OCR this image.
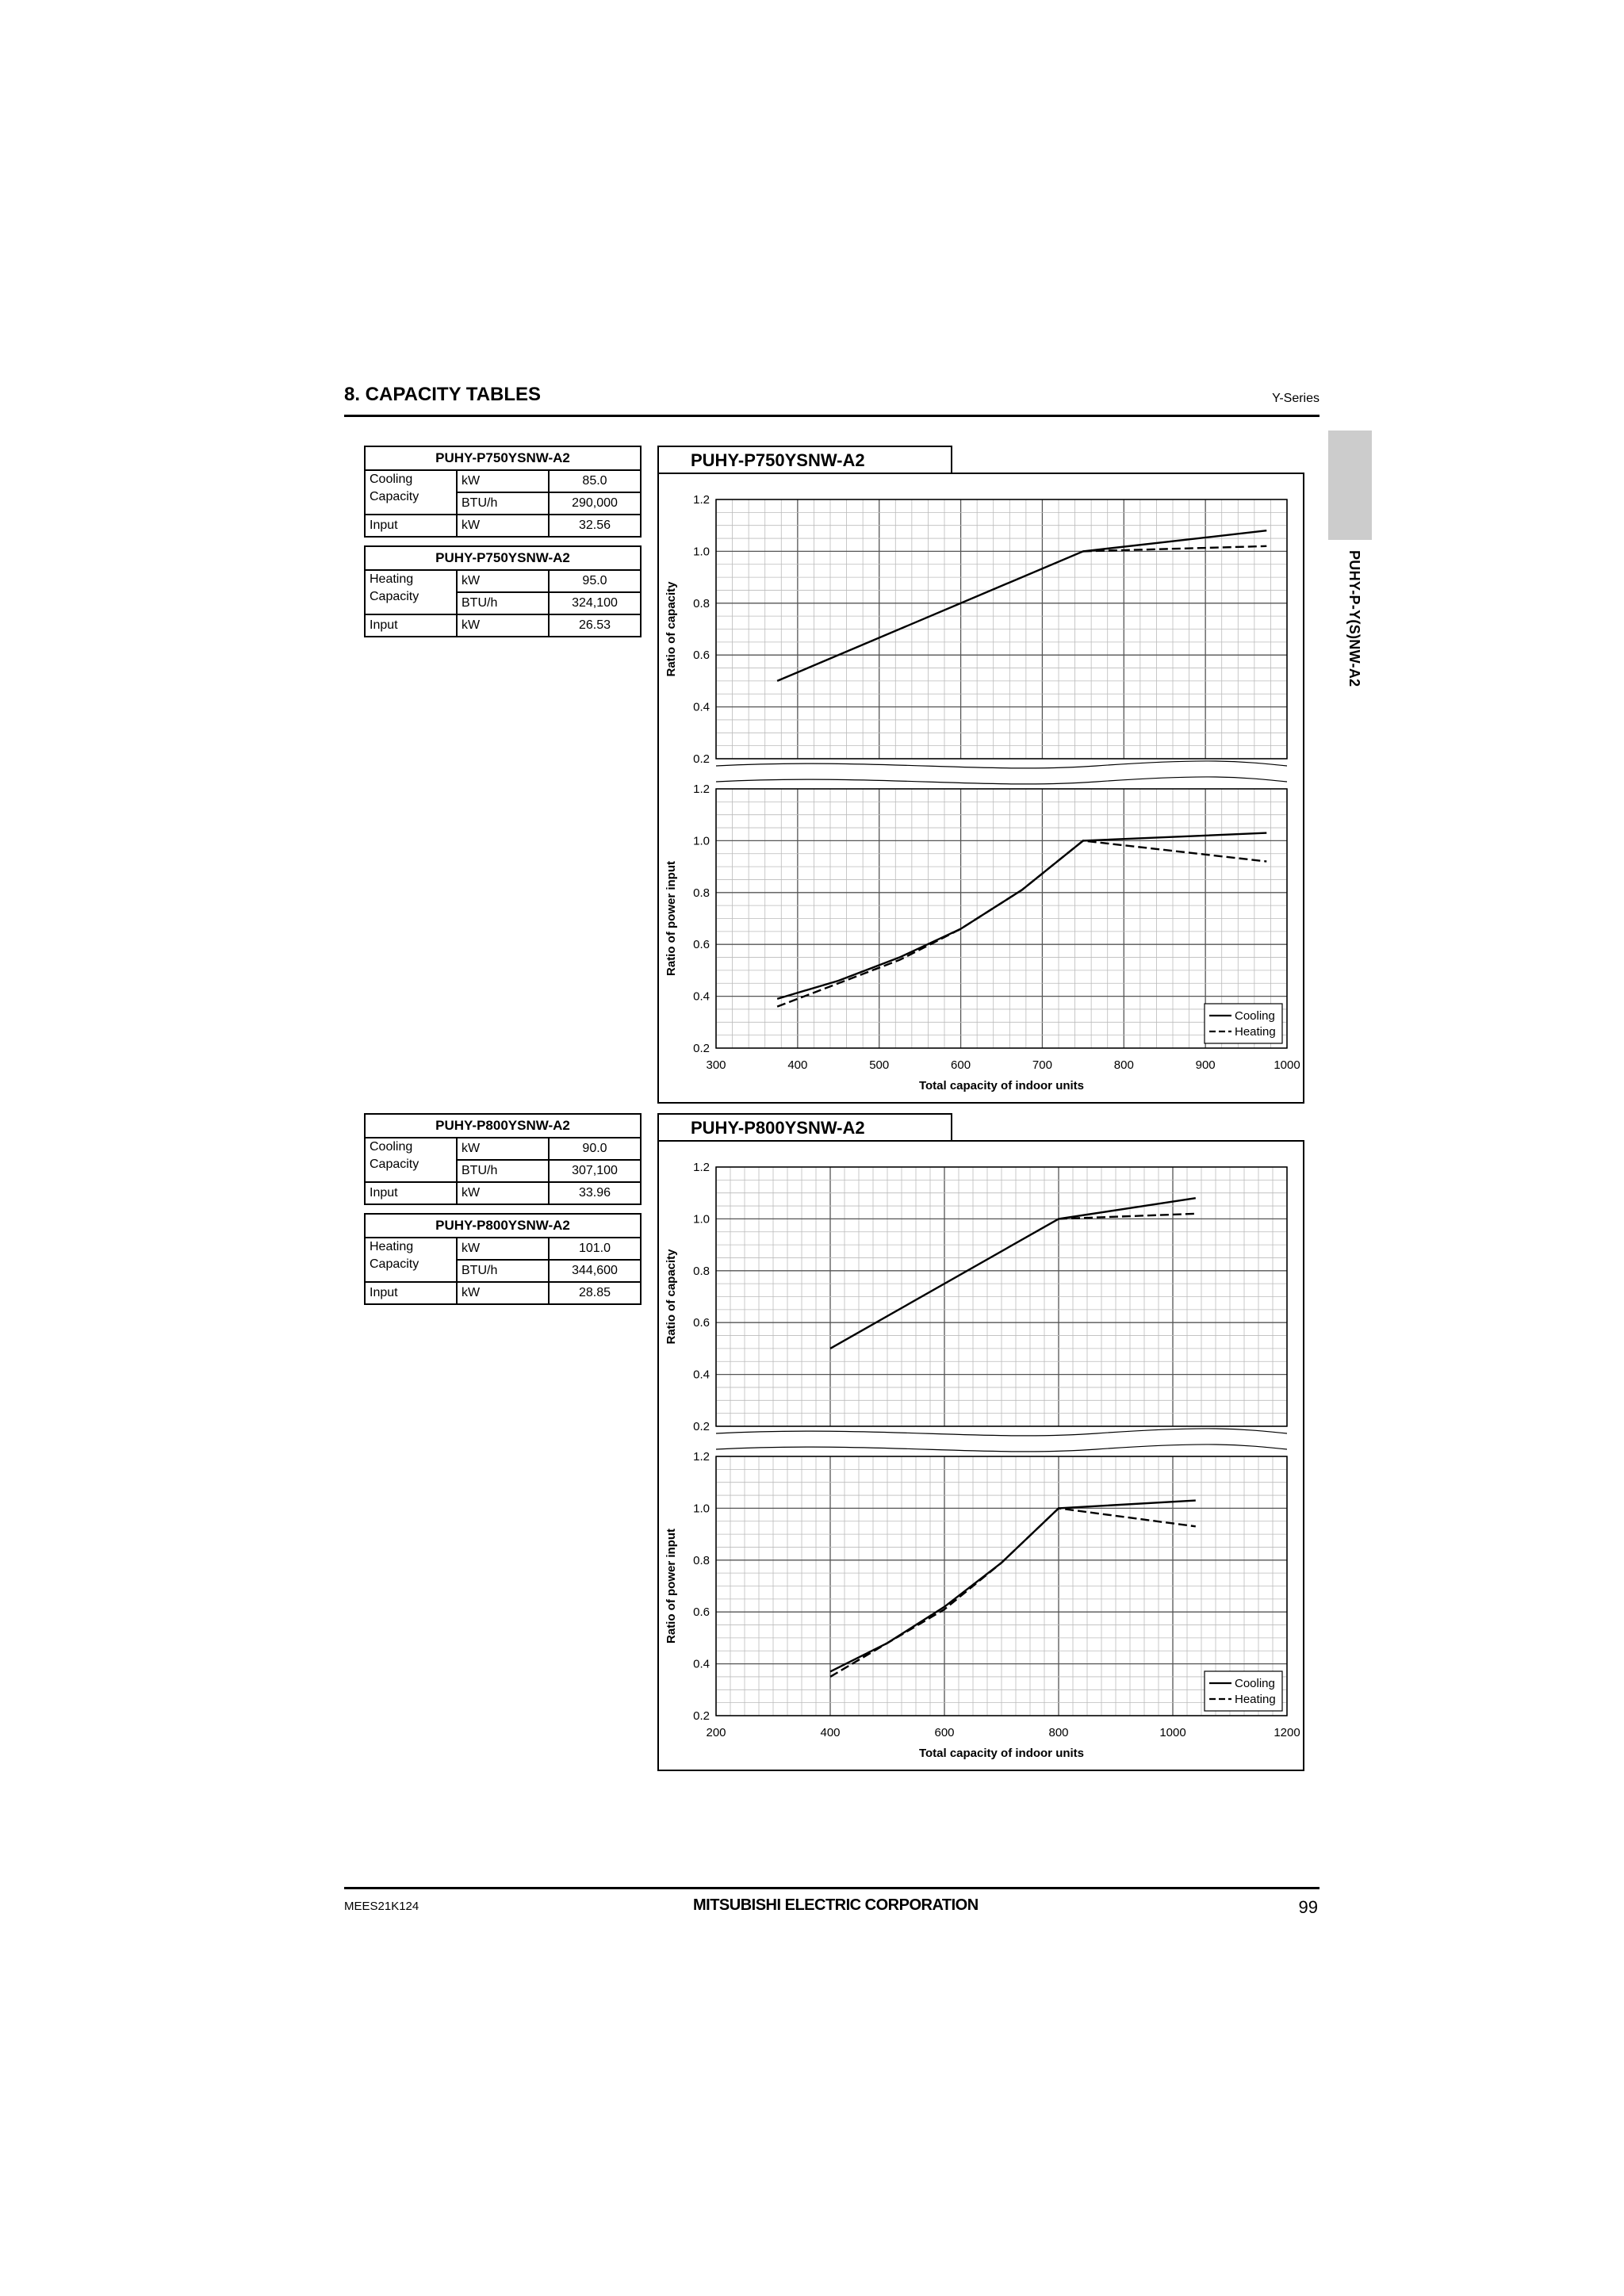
8. CAPACITY TABLES	Y-Series
PUHY-P-Y(S)NW-A2
PUHY-P750YSNW-A2		
Cooling
Capacity	kW	85.0
	BTU/h	290,000
Input	kW	32.56
PUHY-P750YSNW-A2		
Heating
Capacity	kW	95.0
	BTU/h	324,100
Input	kW	26.53
PUHY-P800YSNW-A2		
Cooling
Capacity	kW	90.0
	BTU/h	307,100
Input	kW	33.96
PUHY-P800YSNW-A2		
Heating
Capacity	kW	101.0
	BTU/h	344,600
Input	kW	28.85
PUHY-P750YSNW-A2
0.2
0.4
0.6
0.8
1.0
1.2
Ratio of capacity
0.2
0.4
0.6
0.8
1.0
1.2
Ratio of power input
300	400	500	600	700	800	900	1000
Total capacity of indoor units
Cooling
Heating
PUHY-P800YSNW-A2
0.2
0.4
0.6
0.8
1.0
1.2
Ratio of capacity
0.2
0.4
0.6
0.8
1.0
1.2
Ratio of power input
200	400	600	800	1000	1200
Total capacity of indoor units
Cooling
Heating
MEES21K124	MITSUBISHI ELECTRIC CORPORATION	99
